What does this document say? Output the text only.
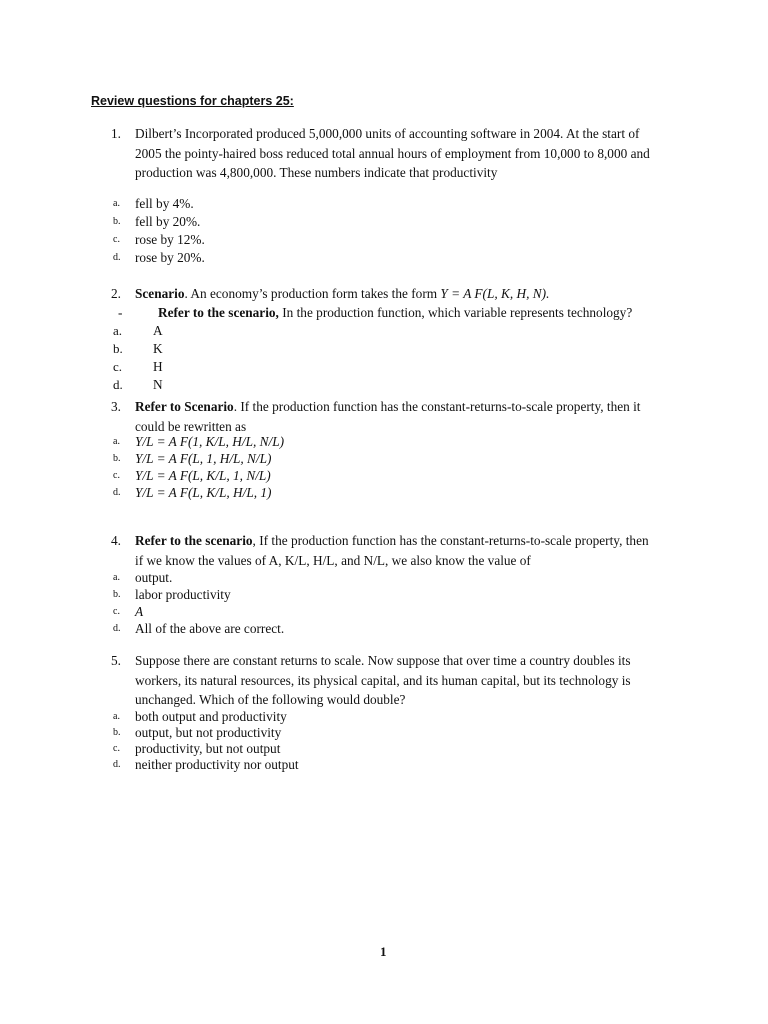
Review questions for chapters 25:
1. Dilbert’s Incorporated produced 5,000,000 units of accounting software in 2004. At the start of
2005 the pointy-haired boss reduced total annual hours of employment from 10,000 to 8,000 and
production was 4,800,000. These numbers indicate that productivity
a. fell by 4%.
b. fell by 20%.
c. rose by 12%.
d. rose by 20%.
2. Scenario. An economy’s production form takes the form Y = A F(L, K, H, N).
-	Refer to the scenario, In the production function, which variable represents technology?
a. A
b. K
c. H
d. N
3. Refer to Scenario. If the production function has the constant-returns-to-scale property, then it
could be rewritten as
a. Y/L = A F(1, K/L, H/L, N/L)
b. Y/L = A F(L, 1, H/L, N/L)
c. Y/L = A F(L, K/L, 1, N/L)
d. Y/L = A F(L, K/L, H/L, 1)
4. Refer to the scenario, If the production function has the constant-returns-to-scale property, then
if we know the values of A, K/L, H/L, and N/L, we also know the value of
a. output.
b. labor productivity
c. A
d. All of the above are correct.
5. Suppose there are constant returns to scale. Now suppose that over time a country doubles its
workers, its natural resources, its physical capital, and its human capital, but its technology is
unchanged. Which of the following would double?
a. both output and productivity
b. output, but not productivity
c. productivity, but not output
d. neither productivity nor output
1
